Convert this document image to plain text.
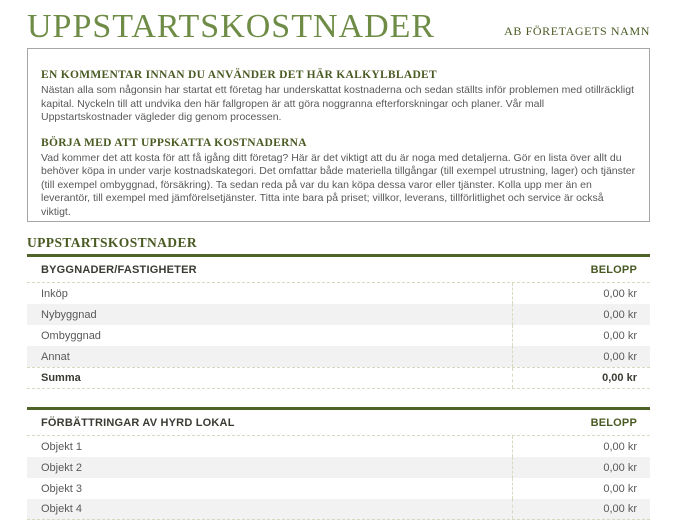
UPPSTARTSKOSTNADER	AB FÖRETAGETS NAMN
EN KOMMENTAR INNAN DU ANVÄNDER DET HÄR KALKYLBLADET

Nästan alla som någonsin har startat ett företag har underskattat kostnaderna och sedan ställts inför problemen med otillräckligt kapital. Nyckeln till att undvika den här fallgropen är att göra noggranna efterforskningar och planer. Vår mall Uppstartskostnader vägleder dig genom processen.

BÖRJA MED ATT UPPSKATTA KOSTNADERNA

Vad kommer det att kosta för att få igång ditt företag? Här är det viktigt att du är noga med detaljerna. Gör en lista över allt du behöver köpa in under varje kostnadskategori. Det omfattar både materiella tillgångar (till exempel utrustning, lager) och tjänster (till exempel ombyggnad, försäkring). Ta sedan reda på var du kan köpa dessa varor eller tjänster. Kolla upp mer än en leverantör, till exempel med jämförelsetjänster. Titta inte bara på priset; villkor, leverans, tillförlitlighet och service är också viktigt.

UPPSTARTSKOSTNADER
BYGGNADER/FASTIGHETER	BELOPP
Inköp	0,00 kr
Nybyggnad	0,00 kr
Ombyggnad	0,00 kr
Annat	0,00 kr
Summa	0,00 kr
FÖRBÄTTRINGAR AV HYRD LOKAL	BELOPP
Objekt 1	0,00 kr
Objekt 2	0,00 kr
Objekt 3	0,00 kr
Objekt 4	0,00 kr
